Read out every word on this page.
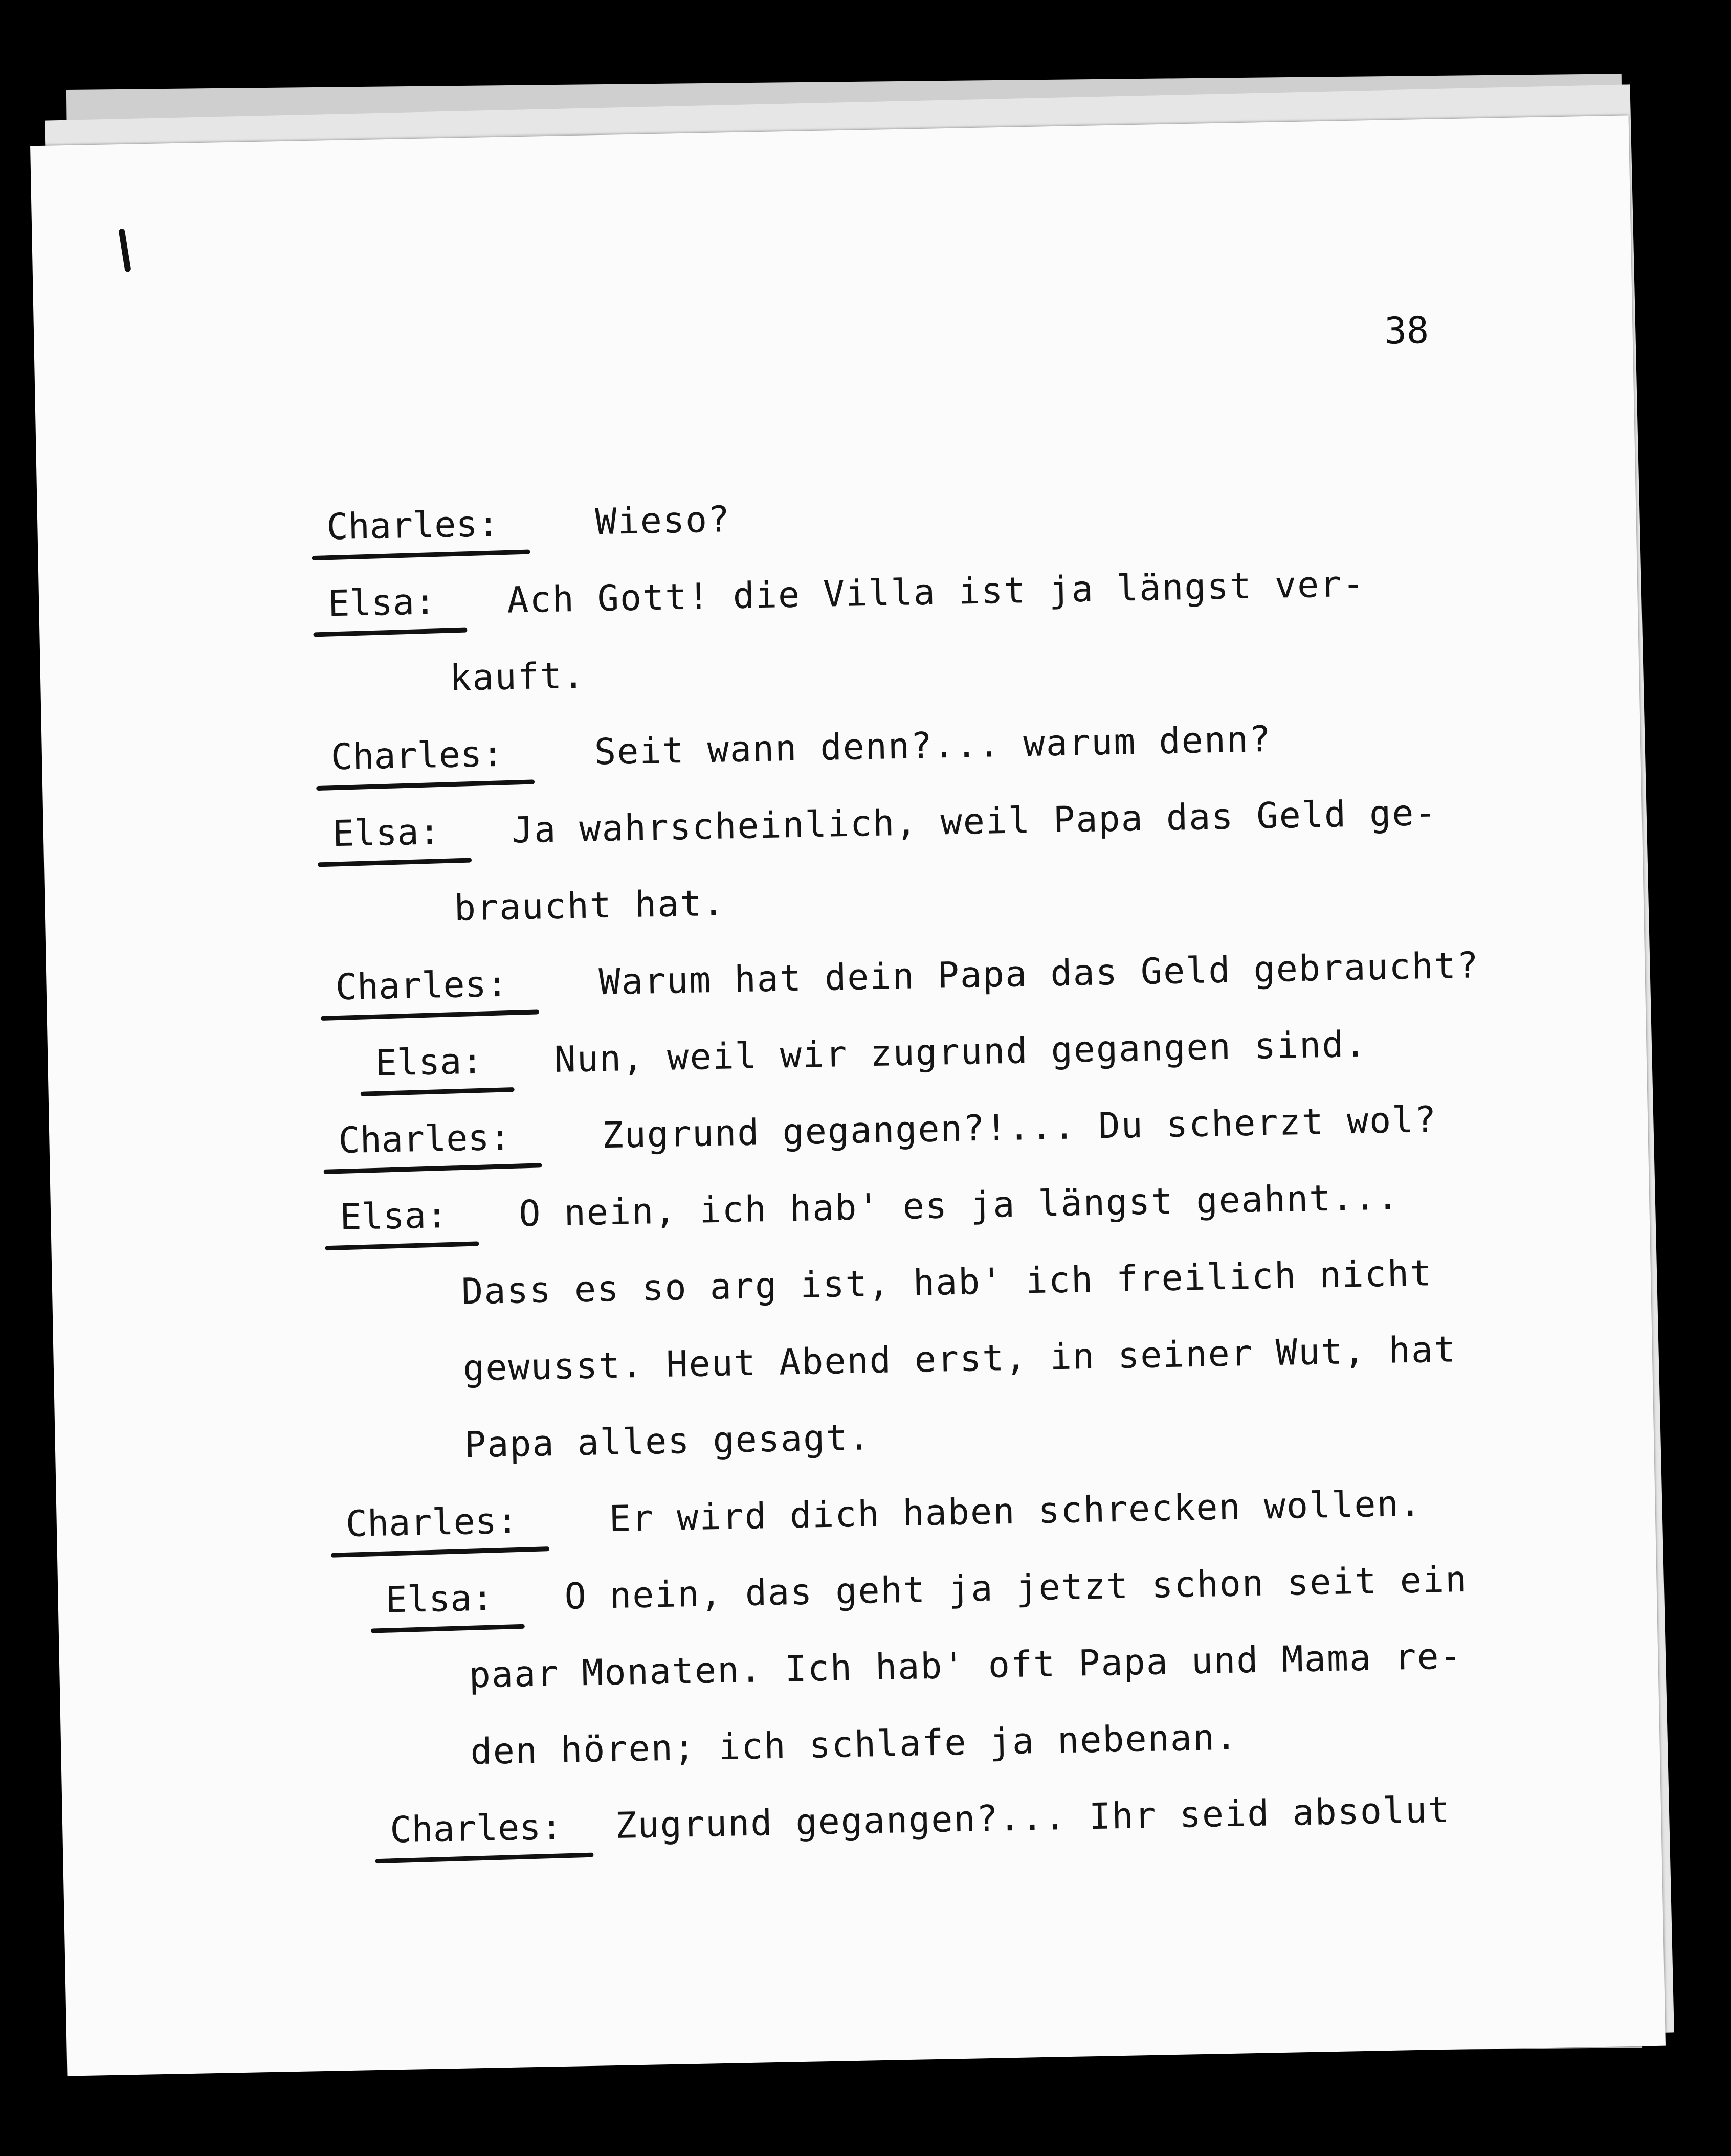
38
Charles:	Wieso?
Elsa: Ach Gott! die Villa ist ja längst ver-
kauft.
Charles:	Seit wann denn?... warum denn?
Elsa: Ja wahrscheinlich, weil Papa das Geld ge-
braucht hat.
Charles:	Warum hat dein Papa das Geld gebraucht?
Elsa: Nun, weil wir zugrund gegangen sind.
Charles:	Zugrund gegangen?!... Du scherzt wol?
Elsa: O nein, ich hab' es ja längst geahnt...
Dass es so arg ist, hab' ich freilich nicht
gewusst. Heut Abend erst, in seiner Wut, hat
Papa alles gesagt.
Charles:	Er wird dich haben schrecken wollen.
Elsa: O nein, das geht ja jetzt schon seit ein
paar Monaten. Ich hab' oft Papa und Mama re-
den hören; ich schlafe ja nebenan.
Charles: Zugrund gegangen?... Ihr seid absolut
